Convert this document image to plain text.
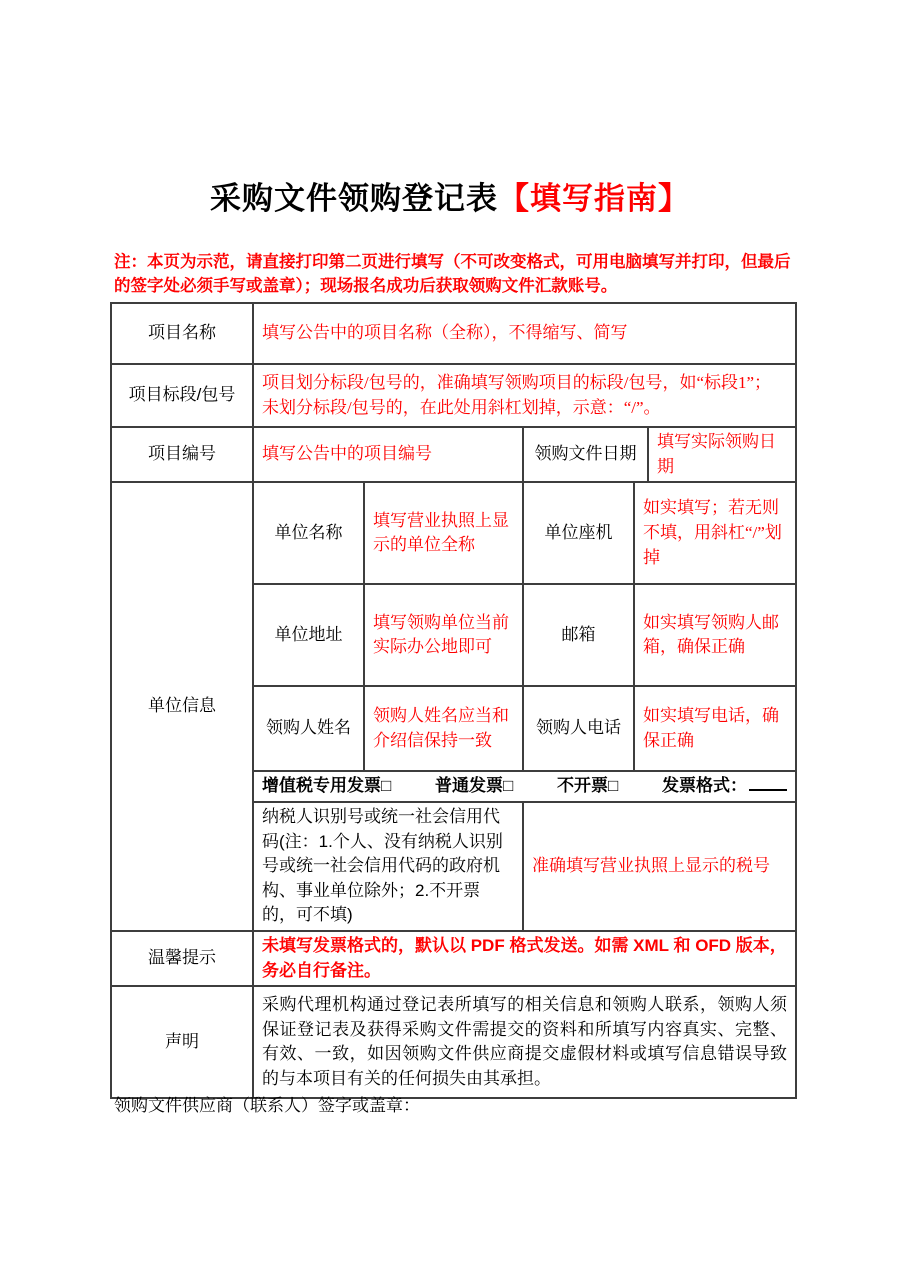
采购文件领购登记表【填写指南】

注：本页为示范，请直接打印第二页进行填写（不可改变格式，可用电脑填写并打印，但最后的签字处必须手写或盖章）；现场报名成功后获取领购文件汇款账号。

项目名称	填写公告中的项目名称（全称），不得缩写、简写				
项目标段/包号	项目划分标段/包号的，准确填写领购项目的标段/包号，如“标段1”；未划分标段/包号的，在此处用斜杠划掉，示意：“/”。				
项目编号	填写公告中的项目编号		领购文件日期		填写实际领购日期
单位信息	单位名称	填写营业执照上显示的单位全称	单位座机	如实填写；若无则不填，用斜杠“/”划掉	
	单位地址	填写领购单位当前实际办公地即可	邮箱	如实填写领购人邮箱，确保正确	
	领购人姓名	领购人姓名应当和介绍信保持一致	领购人电话	如实填写电话，确保正确	

	增值税专用发票□ 普通发票□ 不开票□ 发票格式：				

	纳税人识别号或统一社会信用代码(注：1.个人、没有纳税人识别号或统一社会信用代码的政府机构、事业单位除外；2.不开票的，可不填)		准确填写营业执照上显示的税号		
温馨提示	未填写发票格式的，默认以 PDF 格式发送。如需 XML 和 OFD 版本，务必自行备注。				
声明	采购代理机构通过登记表所填写的相关信息和领购人联系，领购人须保证登记表及获得采购文件需提交的资料和所填写内容真实、完整、有效、一致，如因领购文件供应商提交虚假材料或填写信息错误导致的与本项目有关的任何损失由其承担。				

领购文件供应商（联系人）签字或盖章：
